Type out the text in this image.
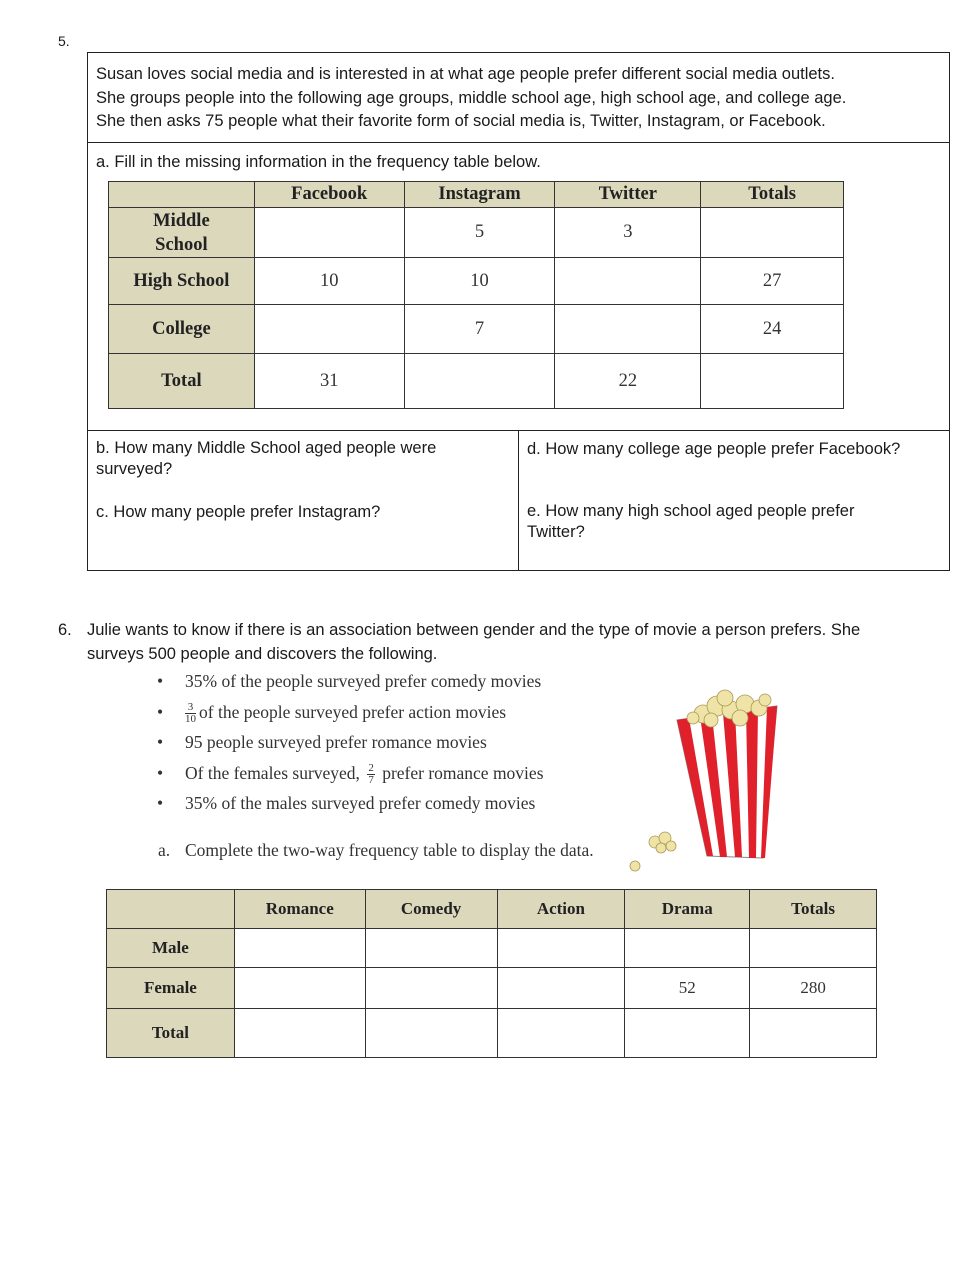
5.
Susan loves social media and is interested in at what age people prefer different social media outlets.
She groups people into the following age groups, middle school age, high school age, and college age.
She then asks 75 people what their favorite form of social media is, Twitter, Instagram, or Facebook.
a. Fill in the missing information in the frequency table below.
	Facebook	Instagram	Twitter	Totals

Middle
School		5	3	
High School	10	10		27
College		7		24
Total	31		22	
b. How many Middle School aged people were surveyed?
c. How many people prefer Instagram?
d. How many college age people prefer Facebook?
e. How many high school aged people prefer Twitter?
6. Julie wants to know if there is an association between gender and the type of movie a person prefers. She
surveys 500 people and discovers the following.
• 35% of the people surveyed prefer comedy movies
• $\frac{3}{10}$ of the people surveyed prefer action movies
• 95 people surveyed prefer romance movies
• Of the females surveyed, $\frac{2}{7}$ prefer romance movies
• 35% of the males surveyed prefer comedy movies
a. Complete the two-way frequency table to display the data.
	Romance	Comedy	Action	Drama	Totals
Male					
Female				52	280
Total					
